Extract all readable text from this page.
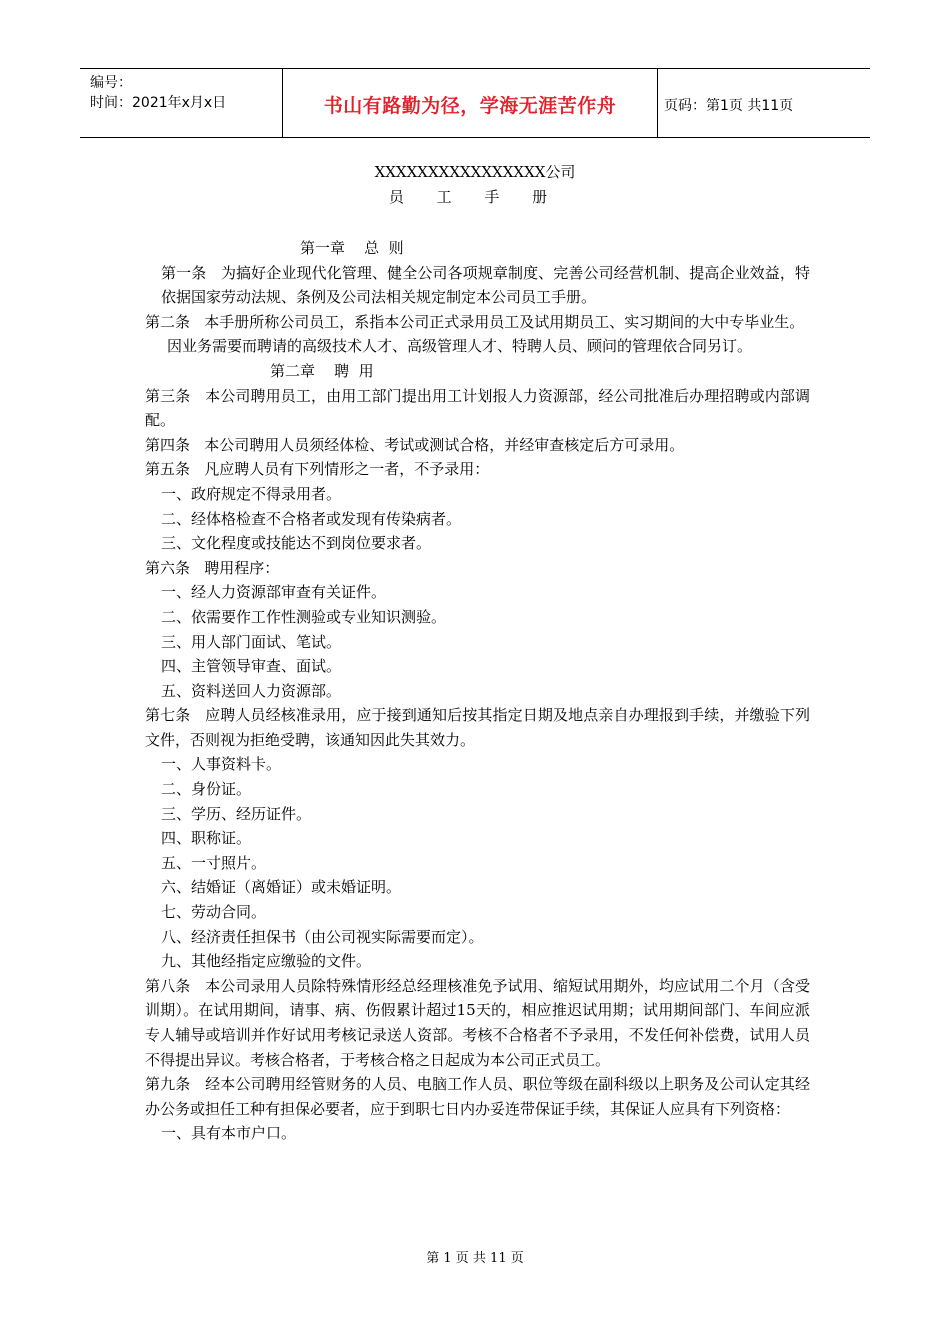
编号：
时间：2021年x月x日	书山有路勤为径，学海无涯苦作舟	页码：第1页 共11页
XXXXXXXXXXXXXXXX公司
员 工 手 册

第一章    总  则

第一条   为搞好企业现代化管理、健全公司各项规章制度、完善公司经营机制、提高企业效益，特依据国家劳动法规、条例及公司法相关规定制定本公司员工手册。

第二条   本手册所称公司员工，系指本公司正式录用员工及试用期员工、实习期间的大中专毕业生。

因业务需要而聘请的高级技术人才、高级管理人才、特聘人员、顾问的管理依合同另订。

第二章    聘  用

第三条   本公司聘用员工，由用工部门提出用工计划报人力资源部，经公司批准后办理招聘或内部调配。

第四条   本公司聘用人员须经体检、考试或测试合格，并经审查核定后方可录用。

第五条   凡应聘人员有下列情形之一者，不予录用：

一、政府规定不得录用者。

二、经体格检查不合格者或发现有传染病者。

三、文化程度或技能达不到岗位要求者。

第六条   聘用程序：

一、经人力资源部审查有关证件。

二、依需要作工作性测验或专业知识测验。

三、用人部门面试、笔试。

四、主管领导审查、面试。

五、资料送回人力资源部。

第七条   应聘人员经核准录用，应于接到通知后按其指定日期及地点亲自办理报到手续，并缴验下列文件，否则视为拒绝受聘，该通知因此失其效力。

一、人事资料卡。

二、身份证。

三、学历、经历证件。

四、职称证。

五、一寸照片。

六、结婚证（离婚证）或未婚证明。

七、劳动合同。

八、经济责任担保书（由公司视实际需要而定）。

九、其他经指定应缴验的文件。

第八条   本公司录用人员除特殊情形经总经理核准免予试用、缩短试用期外，均应试用二个月（含受训期）。在试用期间，请事、病、伤假累计超过15天的，相应推迟试用期；试用期间部门、车间应派专人辅导或培训并作好试用考核记录送人资部。考核不合格者不予录用，不发任何补偿费，试用人员不得提出异议。考核合格者，于考核合格之日起成为本公司正式员工。

第九条   经本公司聘用经管财务的人员、电脑工作人员、职位等级在副科级以上职务及公司认定其经办公务或担任工种有担保必要者，应于到职七日内办妥连带保证手续，其保证人应具有下列资格：

一、具有本市户口。

第 1 页 共 11 页
